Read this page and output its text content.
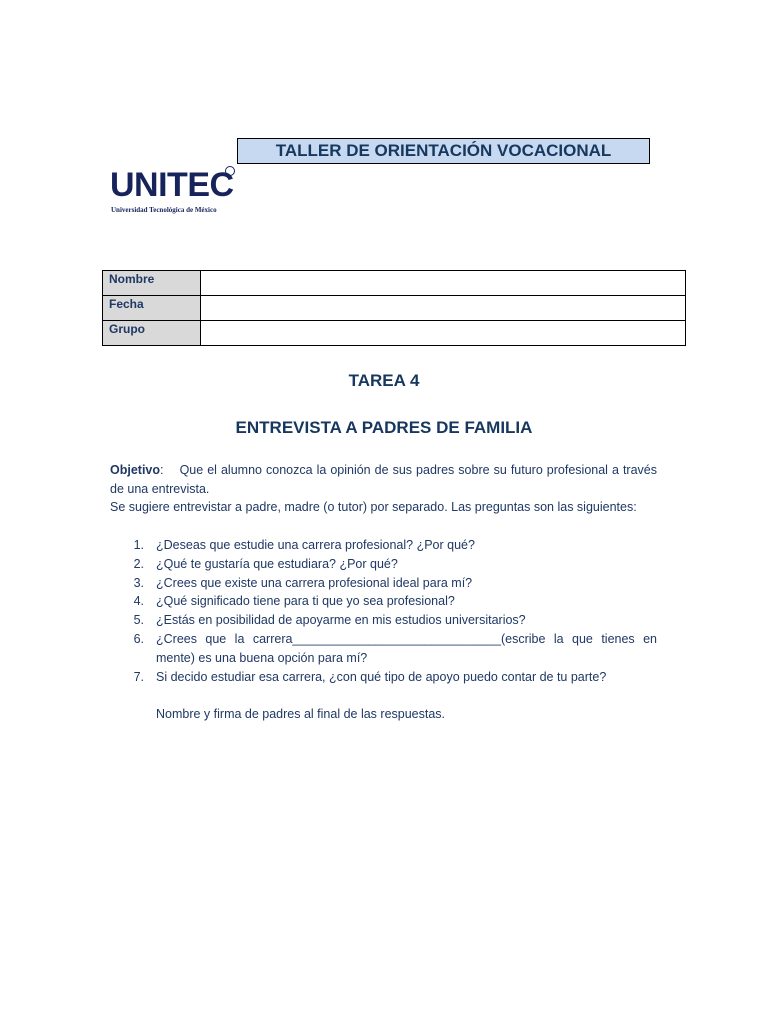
TALLER DE ORIENTACIÓN VOCACIONAL
UNITEC
Universidad Tecnológica de México
Nombre	
Fecha	
Grupo	
TAREA 4
ENTREVISTA A PADRES DE FAMILIA

Objetivo:    Que el alumno conozca la opinión de sus padres sobre su futuro profesional a través de una entrevista.

Se sugiere entrevistar a padre, madre (o tutor) por separado. Las preguntas son las siguientes:

1. ¿Deseas que estudie una carrera profesional? ¿Por qué?
2. ¿Qué te gustaría que estudiara? ¿Por qué?
3. ¿Crees que existe una carrera profesional ideal para mí?
4. ¿Qué significado tiene para ti que yo sea profesional?
5. ¿Estás en posibilidad de apoyarme en mis estudios universitarios?
6. ¿Crees que la carrera______________________________(escribe la que tienes en mente) es una buena opción para mí?
7. Si decido estudiar esa carrera, ¿con qué tipo de apoyo puedo contar de tu parte?
Nombre y firma de padres al final de las respuestas.
